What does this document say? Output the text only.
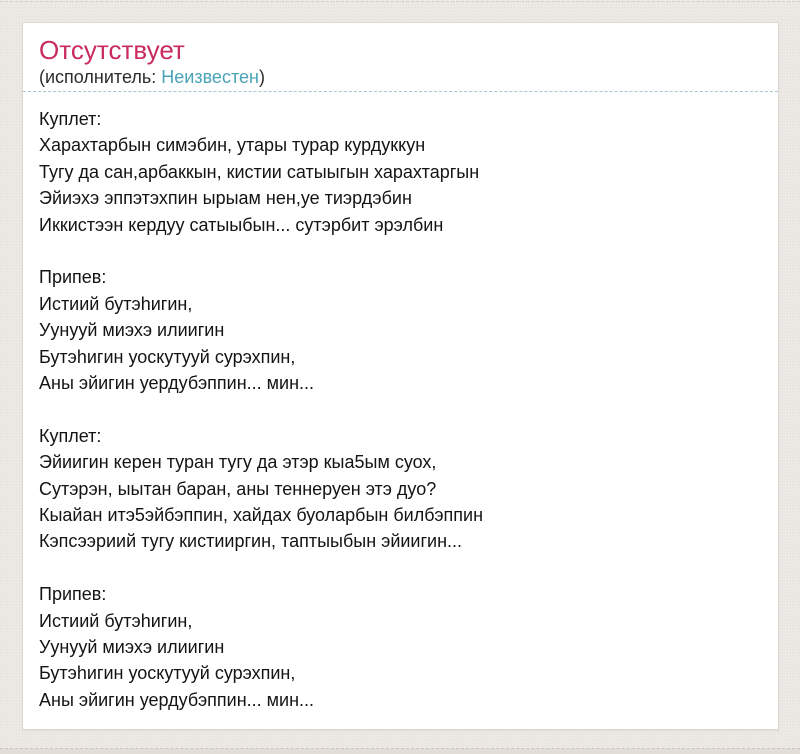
Отсутствует
(исполнитель: Неизвестен)
Куплет:
Харахтарбын симэбин, утары турар курдуккун
Тугу да сан,арбаккын, кистии сатыыгын харахтаргын
Эйиэхэ эппэтэхпин ырыам нен,уе тиэрдэбин
Иккистээн кердуу сатыыбын... сутэрбит эрэлбин
Припев:
Истиий бутэһигин,
Уунууй миэхэ илиигин
Бутэһигин уоскутууй сурэхпин,
Аны эйигин уердубэппин... мин...
Куплет:
Эйиигин керен туран тугу да этэр кыа5ым суох,
Сутэрэн, ыытан баран, аны теннеруен этэ дуо?
Кыайан итэ5эйбэппин, хайдах буоларбын билбэппин
Кэпсээриий тугу кистииргин, таптыыбын эйиигин...
Припев:
Истиий бутэһигин,
Уунууй миэхэ илиигин
Бутэһигин уоскутууй сурэхпин,
Аны эйигин уердубэппин... мин...
